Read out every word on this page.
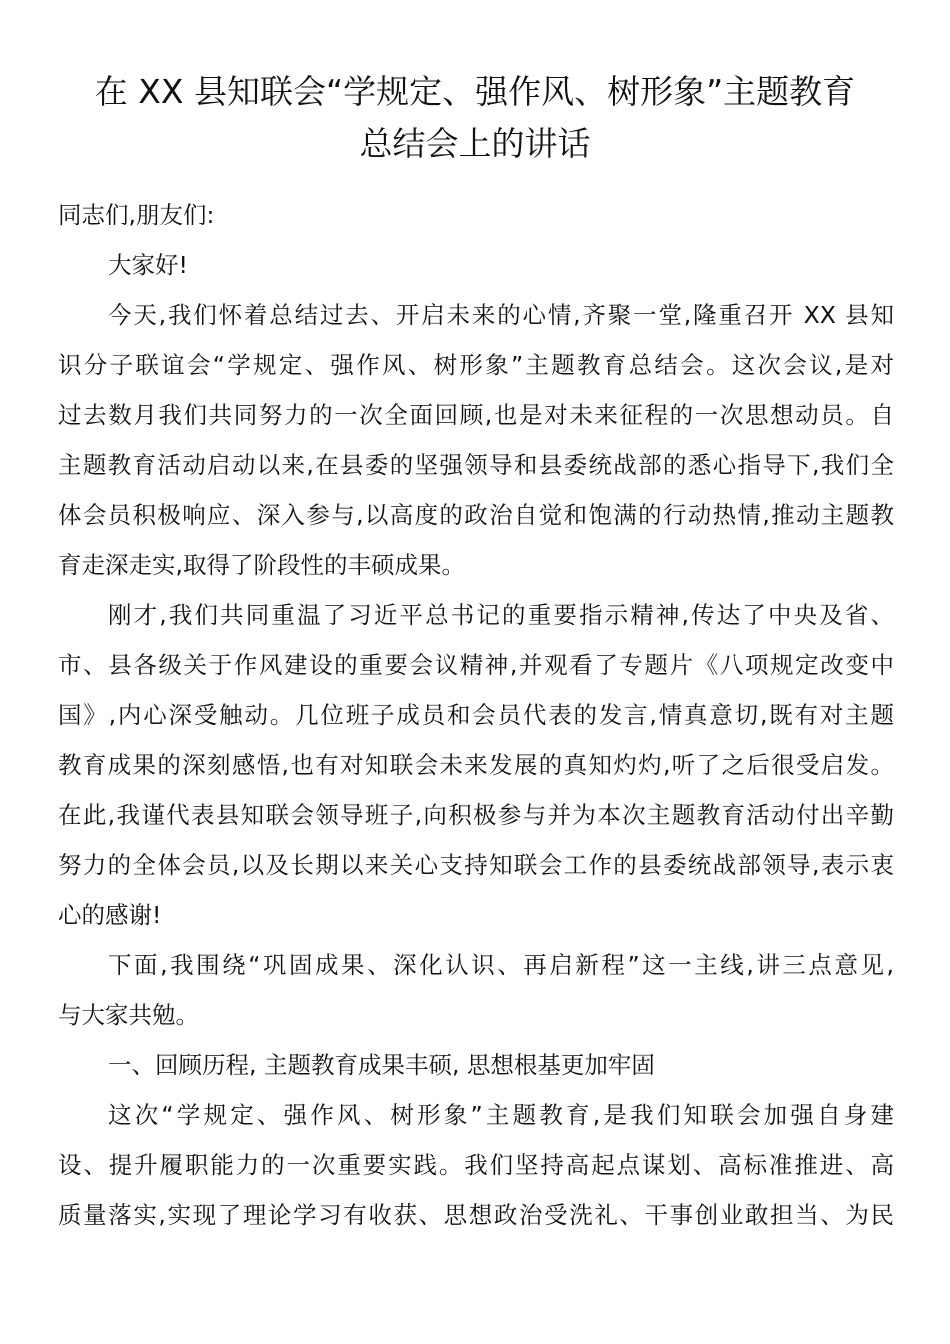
在 XX 县知联会“学规定、强作风、树形象”主题教育
总结会上的讲话
同志们,朋友们:
大家好!
今天,我们怀着总结过去、开启未来的心情,齐聚一堂,隆重召开 XX 县知
识分子联谊会“学规定、强作风、树形象”主题教育总结会。这次会议,是对
过去数月我们共同努力的一次全面回顾,也是对未来征程的一次思想动员。自
主题教育活动启动以来,在县委的坚强领导和县委统战部的悉心指导下,我们全
体会员积极响应、深入参与,以高度的政治自觉和饱满的行动热情,推动主题教
育走深走实,取得了阶段性的丰硕成果。
刚才,我们共同重温了习近平总书记的重要指示精神,传达了中央及省、
市、县各级关于作风建设的重要会议精神,并观看了专题片《八项规定改变中
国》,内心深受触动。几位班子成员和会员代表的发言,情真意切,既有对主题
教育成果的深刻感悟,也有对知联会未来发展的真知灼灼,听了之后很受启发。
在此,我谨代表县知联会领导班子,向积极参与并为本次主题教育活动付出辛勤
努力的全体会员,以及长期以来关心支持知联会工作的县委统战部领导,表示衷
心的感谢!
下面,我围绕“巩固成果、深化认识、再启新程”这一主线,讲三点意见,
与大家共勉。
一、回顾历程, 主题教育成果丰硕, 思想根基更加牢固
这次“学规定、强作风、树形象”主题教育,是我们知联会加强自身建
设、提升履职能力的一次重要实践。我们坚持高起点谋划、高标准推进、高
质量落实,实现了理论学习有收获、思想政治受洗礼、干事创业敢担当、为民
